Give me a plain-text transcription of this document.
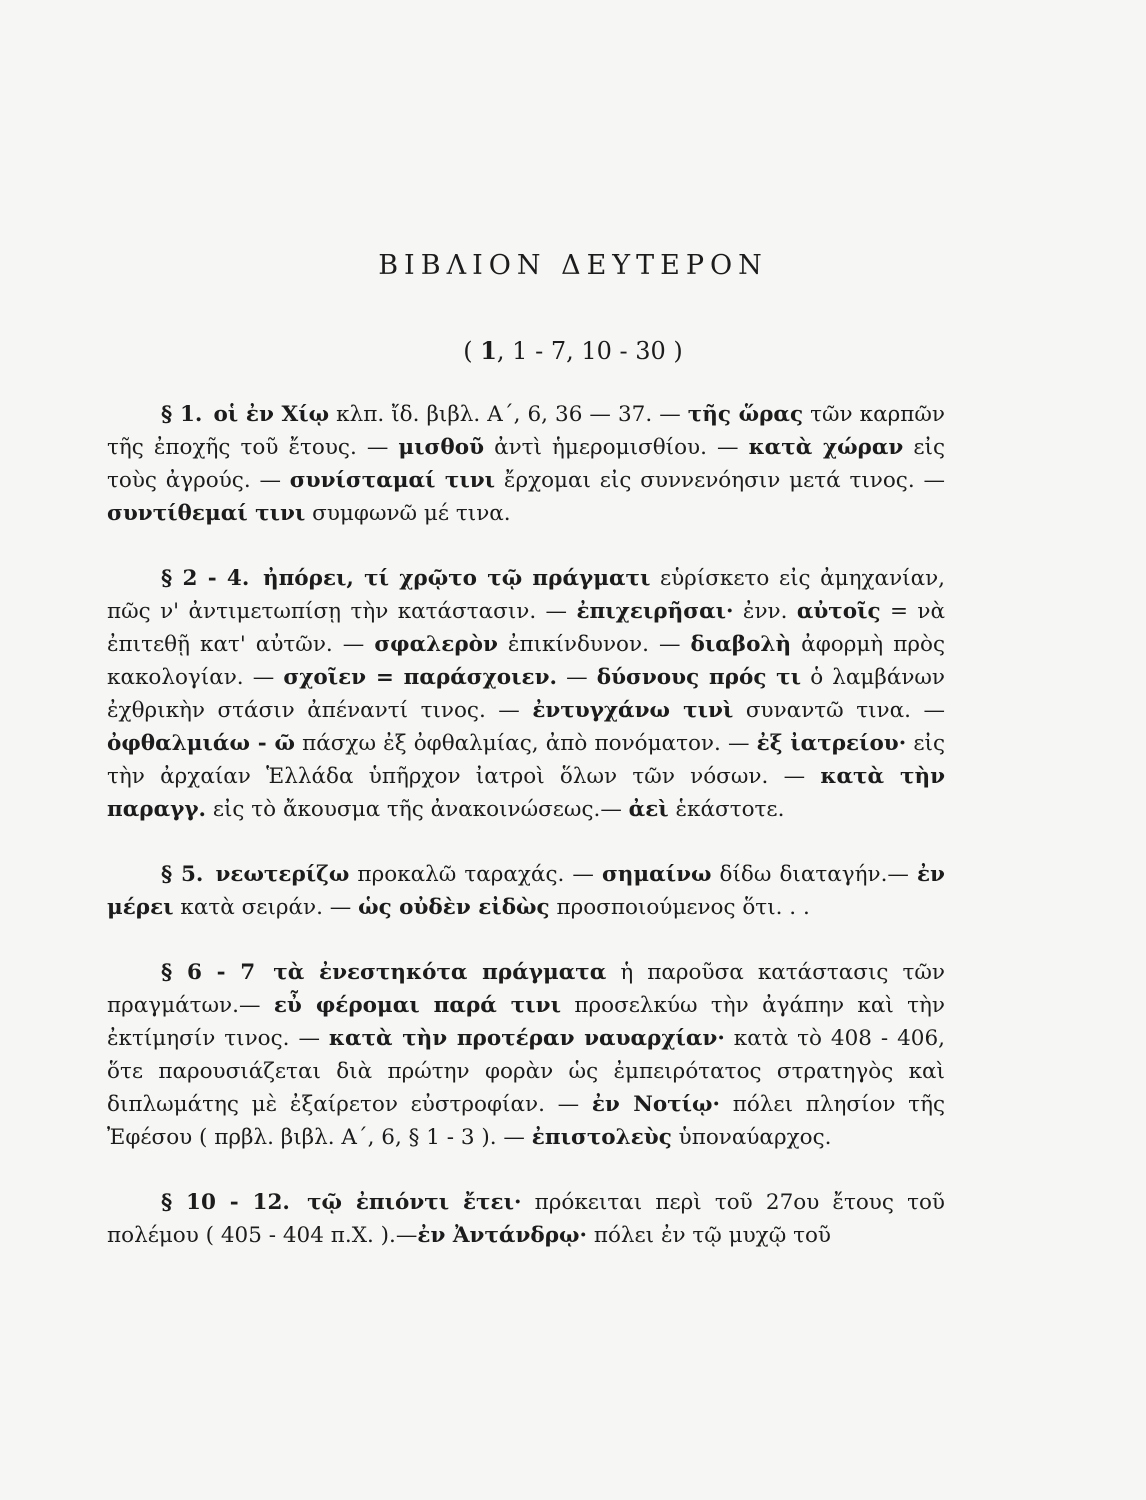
ΒΙΒΛΙΟΝ ΔΕΥΤΕΡΟΝ
( 1, 1 - 7, 10 - 30 )

§ 1. οἱ ἐν Χίῳ κλπ. ἴδ. βιβλ. Α΄, 6, 36 — 37. — τῆς ὥρας τῶν καρπῶν τῆς ἐποχῆς τοῦ ἔτους. — μισθοῦ ἀντὶ ἡμερομισθίου. — κατὰ χώραν εἰς τοὺς ἀγρούς. — συνίσταμαί τινι ἔρχομαι εἰς συννενόησιν μετά τινος. — συντίθεμαί τινι συμφωνῶ μέ τινα.

§ 2 - 4. ἠπόρει, τί χρῷτο τῷ πράγματι εὑρίσκετο εἰς ἀμηχανίαν, πῶς ν' ἀντιμετωπίσῃ τὴν κατάστασιν. — ἐπιχειρῆσαι· ἐνν. αὐτοῖς = νὰ ἐπιτεθῇ κατ' αὐτῶν. — σφαλερὸν ἐπικίνδυνον. — διαβολὴ ἀφορμὴ πρὸς κακολογίαν. — σχοῖεν = παράσχοιεν. — δύσνους πρός τι ὁ λαμβάνων ἐχθρικὴν στάσιν ἀπέναντί τινος. — ἐντυγχάνω τινὶ συναντῶ τινα. — ὀφθαλμιάω - ῶ πάσχω ἐξ ὀφθαλμίας, ἀπὸ πονόματον. — ἐξ ἰατρείου· εἰς τὴν ἀρχαίαν Ἑλλάδα ὑπῆρχον ἰατροὶ ὅλων τῶν νόσων. — κατὰ τὴν παραγγ. εἰς τὸ ἄκουσμα τῆς ἀνακοινώσεως.— ἀεὶ ἑκάστοτε.

§ 5. νεωτερίζω προκαλῶ ταραχάς. — σημαίνω δίδω διαταγήν.— ἐν μέρει κατὰ σειράν. — ὡς οὐδὲν εἰδὼς προσποιούμενος ὅτι. . .

§ 6 - 7 τὰ ἐνεστηκότα πράγματα ἡ παροῦσα κατάστασις τῶν πραγμάτων.— εὖ φέρομαι παρά τινι προσελκύω τὴν ἀγάπην καὶ τὴν ἐκτίμησίν τινος. — κατὰ τὴν προτέραν ναυαρχίαν· κατὰ τὸ 408 - 406, ὅτε παρουσιάζεται διὰ πρώτην φορὰν ὡς ἐμπειρότατος στρατηγὸς καὶ διπλωμάτης μὲ ἐξαίρετον εὐστροφίαν. — ἐν Νοτίῳ· πόλει πλησίον τῆς Ἐφέσου ( πρβλ. βιβλ. Α΄, 6, § 1 - 3 ). — ἐπιστολεὺς ὑποναύαρχος.

§ 10 - 12. τῷ ἐπιόντι ἔτει· πρόκειται περὶ τοῦ 27ου ἔτους τοῦ πολέμου ( 405 - 404 π.Χ. ).—ἐν Ἀντάνδρῳ· πόλει ἐν τῷ μυχῷ τοῦ
